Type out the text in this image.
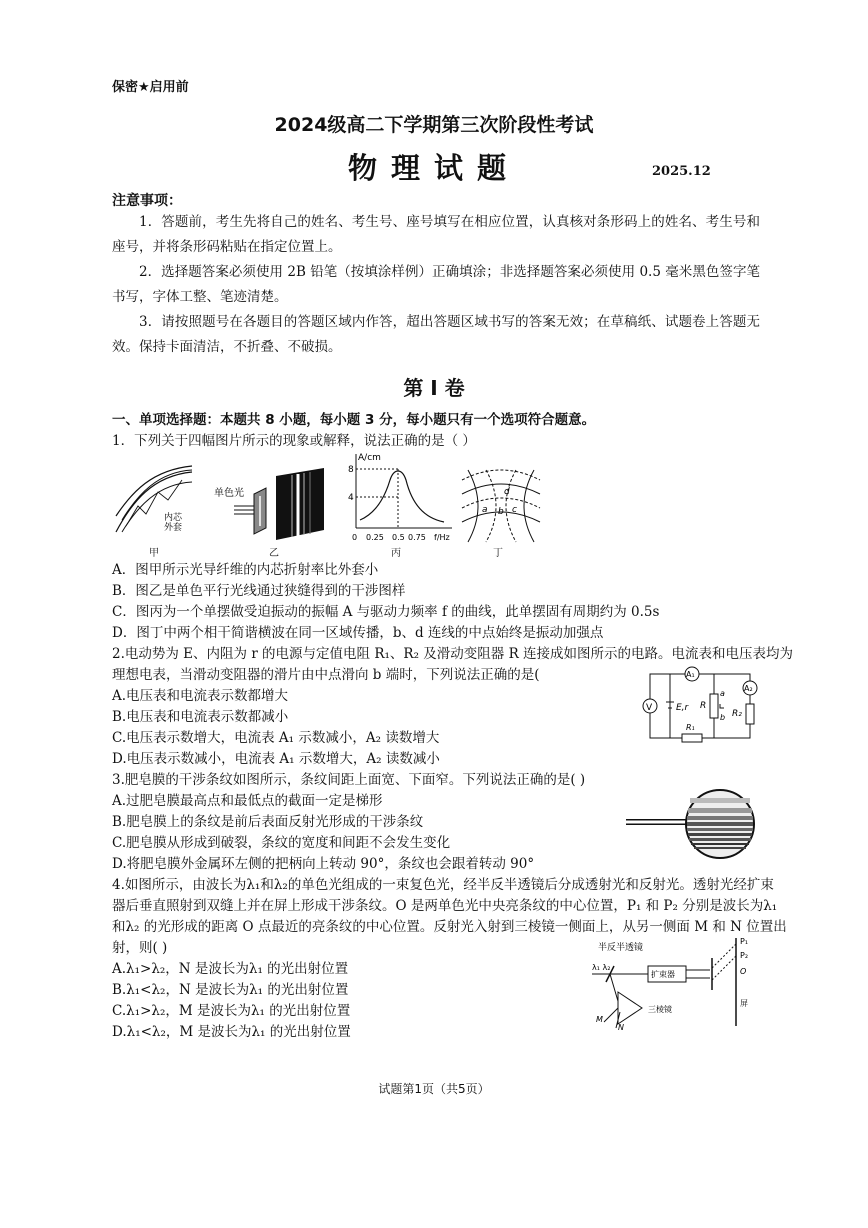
保密★启用前
2024级高二下学期第三次阶段性考试
物理试题	2025.12
注意事项：
1．答题前，考生先将自己的姓名、考生号、座号填写在相应位置，认真核对条形码上的姓名、考生号和座号，并将条形码粘贴在指定位置上。
2．选择题答案必须使用 2B 铅笔（按填涂样例）正确填涂；非选择题答案必须使用 0.5 毫米黑色签字笔书写，字体工整、笔迹清楚。
3．请按照题号在各题目的答题区域内作答，超出答题区域书写的答案无效；在草稿纸、试题卷上答题无效。保持卡面清洁，不折叠、不破损。
第 I 卷
一、单项选择题：本题共 8 小题，每小题 3 分，每小题只有一个选项符合题意。
1．下列关于四幅图片所示的现象或解释，说法正确的是（ ）
内芯
外套
甲
单色光
乙
A/cm
8
4
0 0.25 0.5 0.75 f/Hz
丙
d
a b c
丁
A．图甲所示光导纤维的内芯折射率比外套小
B．图乙是单色平行光线通过狭缝得到的干涉图样
C．图丙为一个单摆做受迫振动的振幅 A 与驱动力频率 f 的曲线，此单摆固有周期约为 0.5s
D．图丁中两个相干简谐横波在同一区域传播，b、d 连线的中点始终是振动加强点
2.电动势为 E、内阻为 r 的电源与定值电阻 R₁、R₂ 及滑动变阻器 R 连接成如图所示的电路。电流表和电压表均为
理想电表，当滑动变阻器的滑片由中点滑向 b 端时，下列说法正确的是(
A.电压表和电流表示数都增大
B.电压表和电流表示数都减小
C.电压表示数增大，电流表 A₁ 示数减小，A₂ 读数增大
D.电压表示数减小，电流表 A₁ 示数增大，A₂ 读数减小
V	E,r
A₁
R
a
b
A₂
R₂
R₁
3.肥皂膜的干涉条纹如图所示，条纹间距上面宽、下面窄。下列说法正确的是( )
A.过肥皂膜最高点和最低点的截面一定是梯形
B.肥皂膜上的条纹是前后表面反射光形成的干涉条纹
C.肥皂膜从形成到破裂，条纹的宽度和间距不会发生变化
D.将肥皂膜外金属环左侧的把柄向上转动 90°，条纹也会跟着转动 90°
4.如图所示，由波长为λ₁和λ₂的单色光组成的一束复色光，经半反半透镜后分成透射光和反射光。透射光经扩束
器后垂直照射到双缝上并在屏上形成干涉条纹。O 是两单色光中央亮条纹的中心位置，P₁ 和 P₂ 分别是波长为λ₁
和λ₂ 的光形成的距离 O 点最近的亮条纹的中心位置。反射光入射到三棱镜一侧面上，从另一侧面 M 和 N 位置出
射，则( )
A.λ₁>λ₂，N 是波长为λ₁ 的光出射位置
B.λ₁<λ₂，N 是波长为λ₁ 的光出射位置
C.λ₁>λ₂，M 是波长为λ₁ 的光出射位置
D.λ₁<λ₂，M 是波长为λ₁ 的光出射位置
半反半透镜
λ₁ λ₂
扩束器
P₁
P₂
O
屏
M
N
三棱镜
试题第1页（共5页）
